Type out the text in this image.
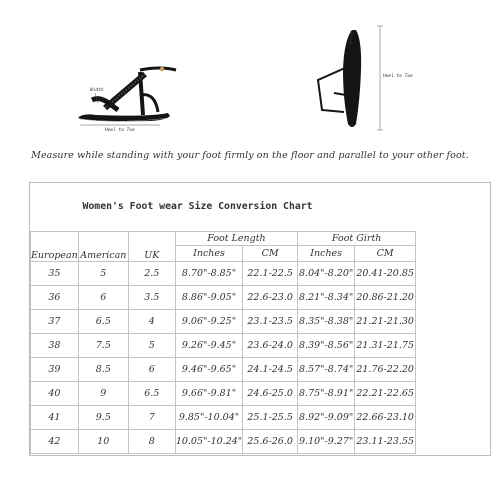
Width
Heel to Toe
Width
Heel to Toe
Measure while standing with your foot firmly on the floor and parallel to your other foot.
Women's Foot wear Size Conversion Chart						
European	American	UK	Foot Length		Foot Girth	
			Inches	CM	Inches	CM
35	5	2.5	8.70"-8.85"	22.1-22.5	8.04"-8.20"	20.41-20.85
36	6	3.5	8.86"-9.05"	22.6-23.0	8.21"-8.34"	20.86-21.20
37	6.5	4	9.06"-9.25"	23.1-23.5	8.35"-8.38"	21.21-21.30
38	7.5	5	9.26"-9.45"	23.6-24.0	8.39"-8.56"	21.31-21.75
39	8.5	6	9.46"-9.65"	24.1-24.5	8.57"-8.74"	21.76-22.20
40	9	6.5	9.66"-9.81"	24.6-25.0	8.75"-8.91"	22.21-22.65
41	9.5	7	9.85"-10.04"	25.1-25.5	8.92"-9.09"	22.66-23.10
42	10	8	10.05"-10.24"	25.6-26.0	9.10"-9.27"	23.11-23.55
